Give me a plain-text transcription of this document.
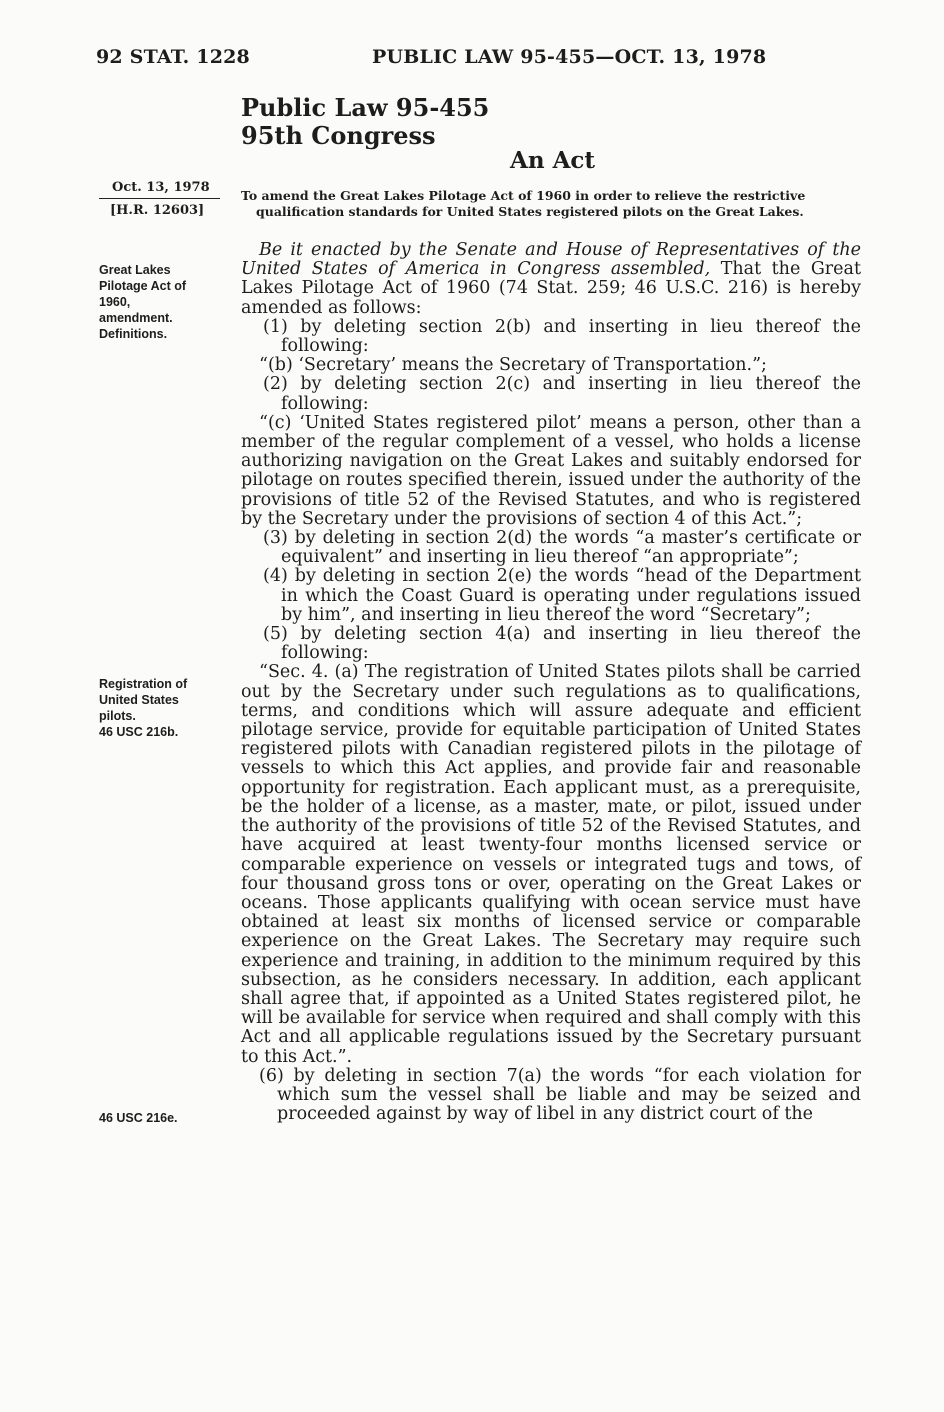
92 STAT. 1228	PUBLIC LAW 95-455—OCT. 13, 1978
Public Law 95-455
95th Congress
An Act
Oct. 13, 1978
[H.R. 12603]
To amend the Great Lakes Pilotage Act of 1960 in order to relieve the restrictive
qualification standards for United States registered pilots on the Great Lakes.
Great Lakes
Pilotage Act of
1960,
amendment.
Definitions.
Registration of
United States
pilots.
46 USC 216b.
46 USC 216e.

Be it enacted by the Senate and House of Representatives of the United States of America in Congress assembled, That the Great Lakes Pilotage Act of 1960 (74 Stat. 259; 46 U.S.C. 216) is hereby amended as follows:

(1) by deleting section 2(b) and inserting in lieu thereof the following:

“(b) ‘Secretary’ means the Secretary of Transportation.”;

(2) by deleting section 2(c) and inserting in lieu thereof the following:

“(c) ‘United States registered pilot’ means a person, other than a member of the regular complement of a vessel, who holds a license authorizing navigation on the Great Lakes and suitably endorsed for pilotage on routes specified therein, issued under the authority of the provisions of title 52 of the Revised Statutes, and who is registered by the Secretary under the provisions of section 4 of this Act.”;

(3) by deleting in section 2(d) the words “a master’s certificate or equivalent” and inserting in lieu thereof “an appropriate”;

(4) by deleting in section 2(e) the words “head of the Department in which the Coast Guard is operating under regulations issued by him”, and inserting in lieu thereof the word “Secretary”;

(5) by deleting section 4(a) and inserting in lieu thereof the following:

“Sec. 4. (a) The registration of United States pilots shall be carried out by the Secretary under such regulations as to qualifications, terms, and conditions which will assure adequate and efficient pilotage service, provide for equitable participation of United States registered pilots with Canadian registered pilots in the pilotage of vessels to which this Act applies, and provide fair and reasonable opportunity for registration. Each applicant must, as a prerequisite, be the holder of a license, as a master, mate, or pilot, issued under the authority of the provisions of title 52 of the Revised Statutes, and have acquired at least twenty-four months licensed service or comparable experience on vessels or integrated tugs and tows, of four thousand gross tons or over, operating on the Great Lakes or oceans. Those applicants qualifying with ocean service must have obtained at least six months of licensed service or comparable experience on the Great Lakes. The Secretary may require such experience and training, in addition to the minimum required by this subsection, as he considers necessary. In addition, each applicant shall agree that, if appointed as a United States registered pilot, he will be available for service when required and shall comply with this Act and all applicable regulations issued by the Secretary pursuant to this Act.”.

(6) by deleting in section 7(a) the words “for each violation for which sum the vessel shall be liable and may be seized and proceeded against by way of libel in any district court of the
